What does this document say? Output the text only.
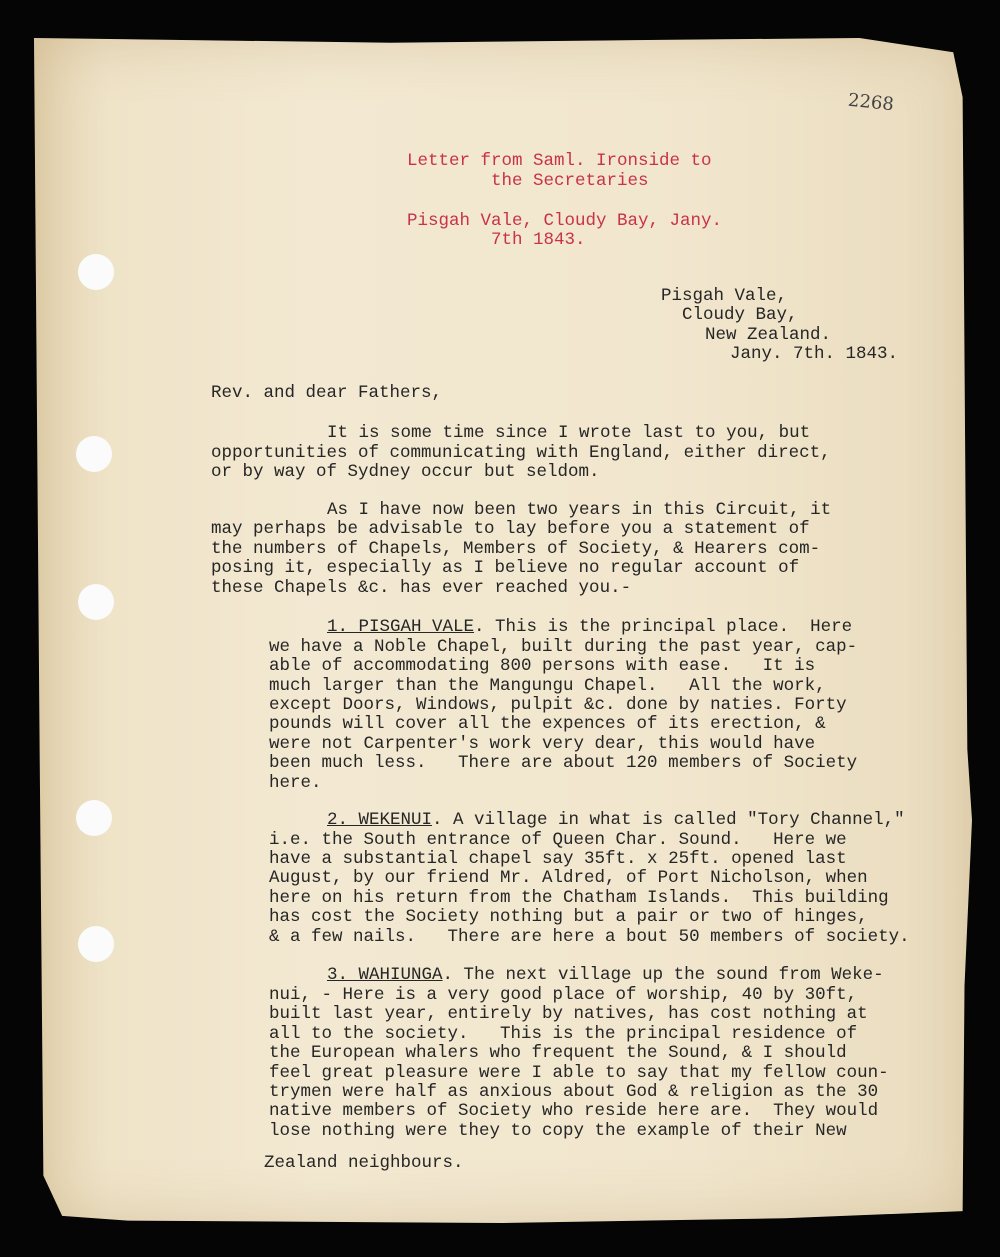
2268
Letter from Saml. Ironside to
the Secretaries
Pisgah Vale, Cloudy Bay, Jany.
7th 1843.
Pisgah Vale,
Cloudy Bay,
New Zealand.
Jany. 7th. 1843.
Rev. and dear Fathers,
It is some time since I wrote last to you, but
opportunities of communicating with England, either direct,
or by way of Sydney occur but seldom.
As I have now been two years in this Circuit, it
may perhaps be advisable to lay before you a statement of
the numbers of Chapels, Members of Society, & Hearers com-
posing it, especially as I believe no regular account of
these Chapels &c. has ever reached you.-
1. PISGAH VALE. This is the principal place.  Here
we have a Noble Chapel, built during the past year, cap-
able of accommodating 800 persons with ease.   It is
much larger than the Mangungu Chapel.   All the work,
except Doors, Windows, pulpit &c. done by naties. Forty
pounds will cover all the expences of its erection, &
were not Carpenter's work very dear, this would have
been much less.   There are about 120 members of Society
here.
2. WEKENUI. A village in what is called "Tory Channel,"
i.e. the South entrance of Queen Char. Sound.   Here we
have a substantial chapel say 35ft. x 25ft. opened last
August, by our friend Mr. Aldred, of Port Nicholson, when
here on his return from the Chatham Islands.  This building
has cost the Society nothing but a pair or two of hinges,
& a few nails.   There are here a bout 50 members of society.
3. WAHIUNGA. The next village up the sound from Weke-
nui, - Here is a very good place of worship, 40 by 30ft,
built last year, entirely by natives, has cost nothing at
all to the society.   This is the principal residence of
the European whalers who frequent the Sound, & I should
feel great pleasure were I able to say that my fellow coun-
trymen were half as anxious about God & religion as the 30
native members of Society who reside here are.  They would
lose nothing were they to copy the example of their New
Zealand neighbours.
